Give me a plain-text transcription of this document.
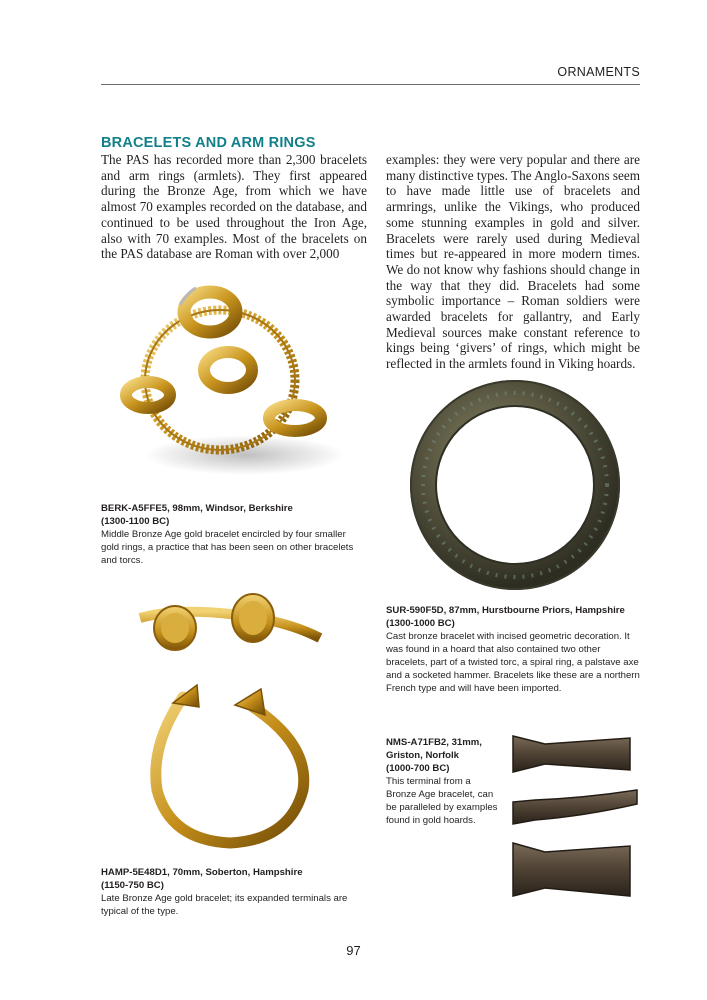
ORNAMENTS
BRACELETS AND ARM RINGS
The PAS has recorded more than 2,300 bracelets and arm rings (armlets). They first appeared during the Bronze Age, from which we have almost 70 examples recorded on the database, and continued to be used throughout the Iron Age, also with 70 examples. Most of the bracelets on the PAS database are Roman with over 2,000
examples: they were very popular and there are many distinctive types. The Anglo-Saxons seem to have made little use of bracelets and armrings, unlike the Vikings, who produced some stunning examples in gold and silver. Bracelets were rarely used during Medieval times but re-appeared in more modern times. We do not know why fashions should change in the way that they did. Bracelets had some symbolic importance – Roman soldiers were awarded bracelets for gallantry, and Early Medieval sources make constant reference to kings being ‘givers’ of rings, which might be reflected in the armlets found in Viking hoards.
BERK-A5FFE5, 98mm, Windsor, Berkshire
(1300-1100 BC)
Middle Bronze Age gold bracelet encircled by four smaller gold rings, a practice that has been seen on other bracelets and torcs.
SUR-590F5D, 87mm, Hurstbourne Priors, Hampshire
(1300-1000 BC)
Cast bronze bracelet with incised geometric decoration. It was found in a hoard that also contained two other bracelets, part of a twisted torc, a spiral ring, a palstave axe and a socketed hammer. Bracelets like these are a northern French type and will have been imported.
NMS-A71FB2, 31mm, Griston, Norfolk
(1000-700 BC)
This terminal from a Bronze Age bracelet, can be paralleled by examples found in gold hoards.
HAMP-5E48D1, 70mm, Soberton, Hampshire
(1150-750 BC)
Late Bronze Age gold bracelet; its expanded terminals are typical of the type.
97
